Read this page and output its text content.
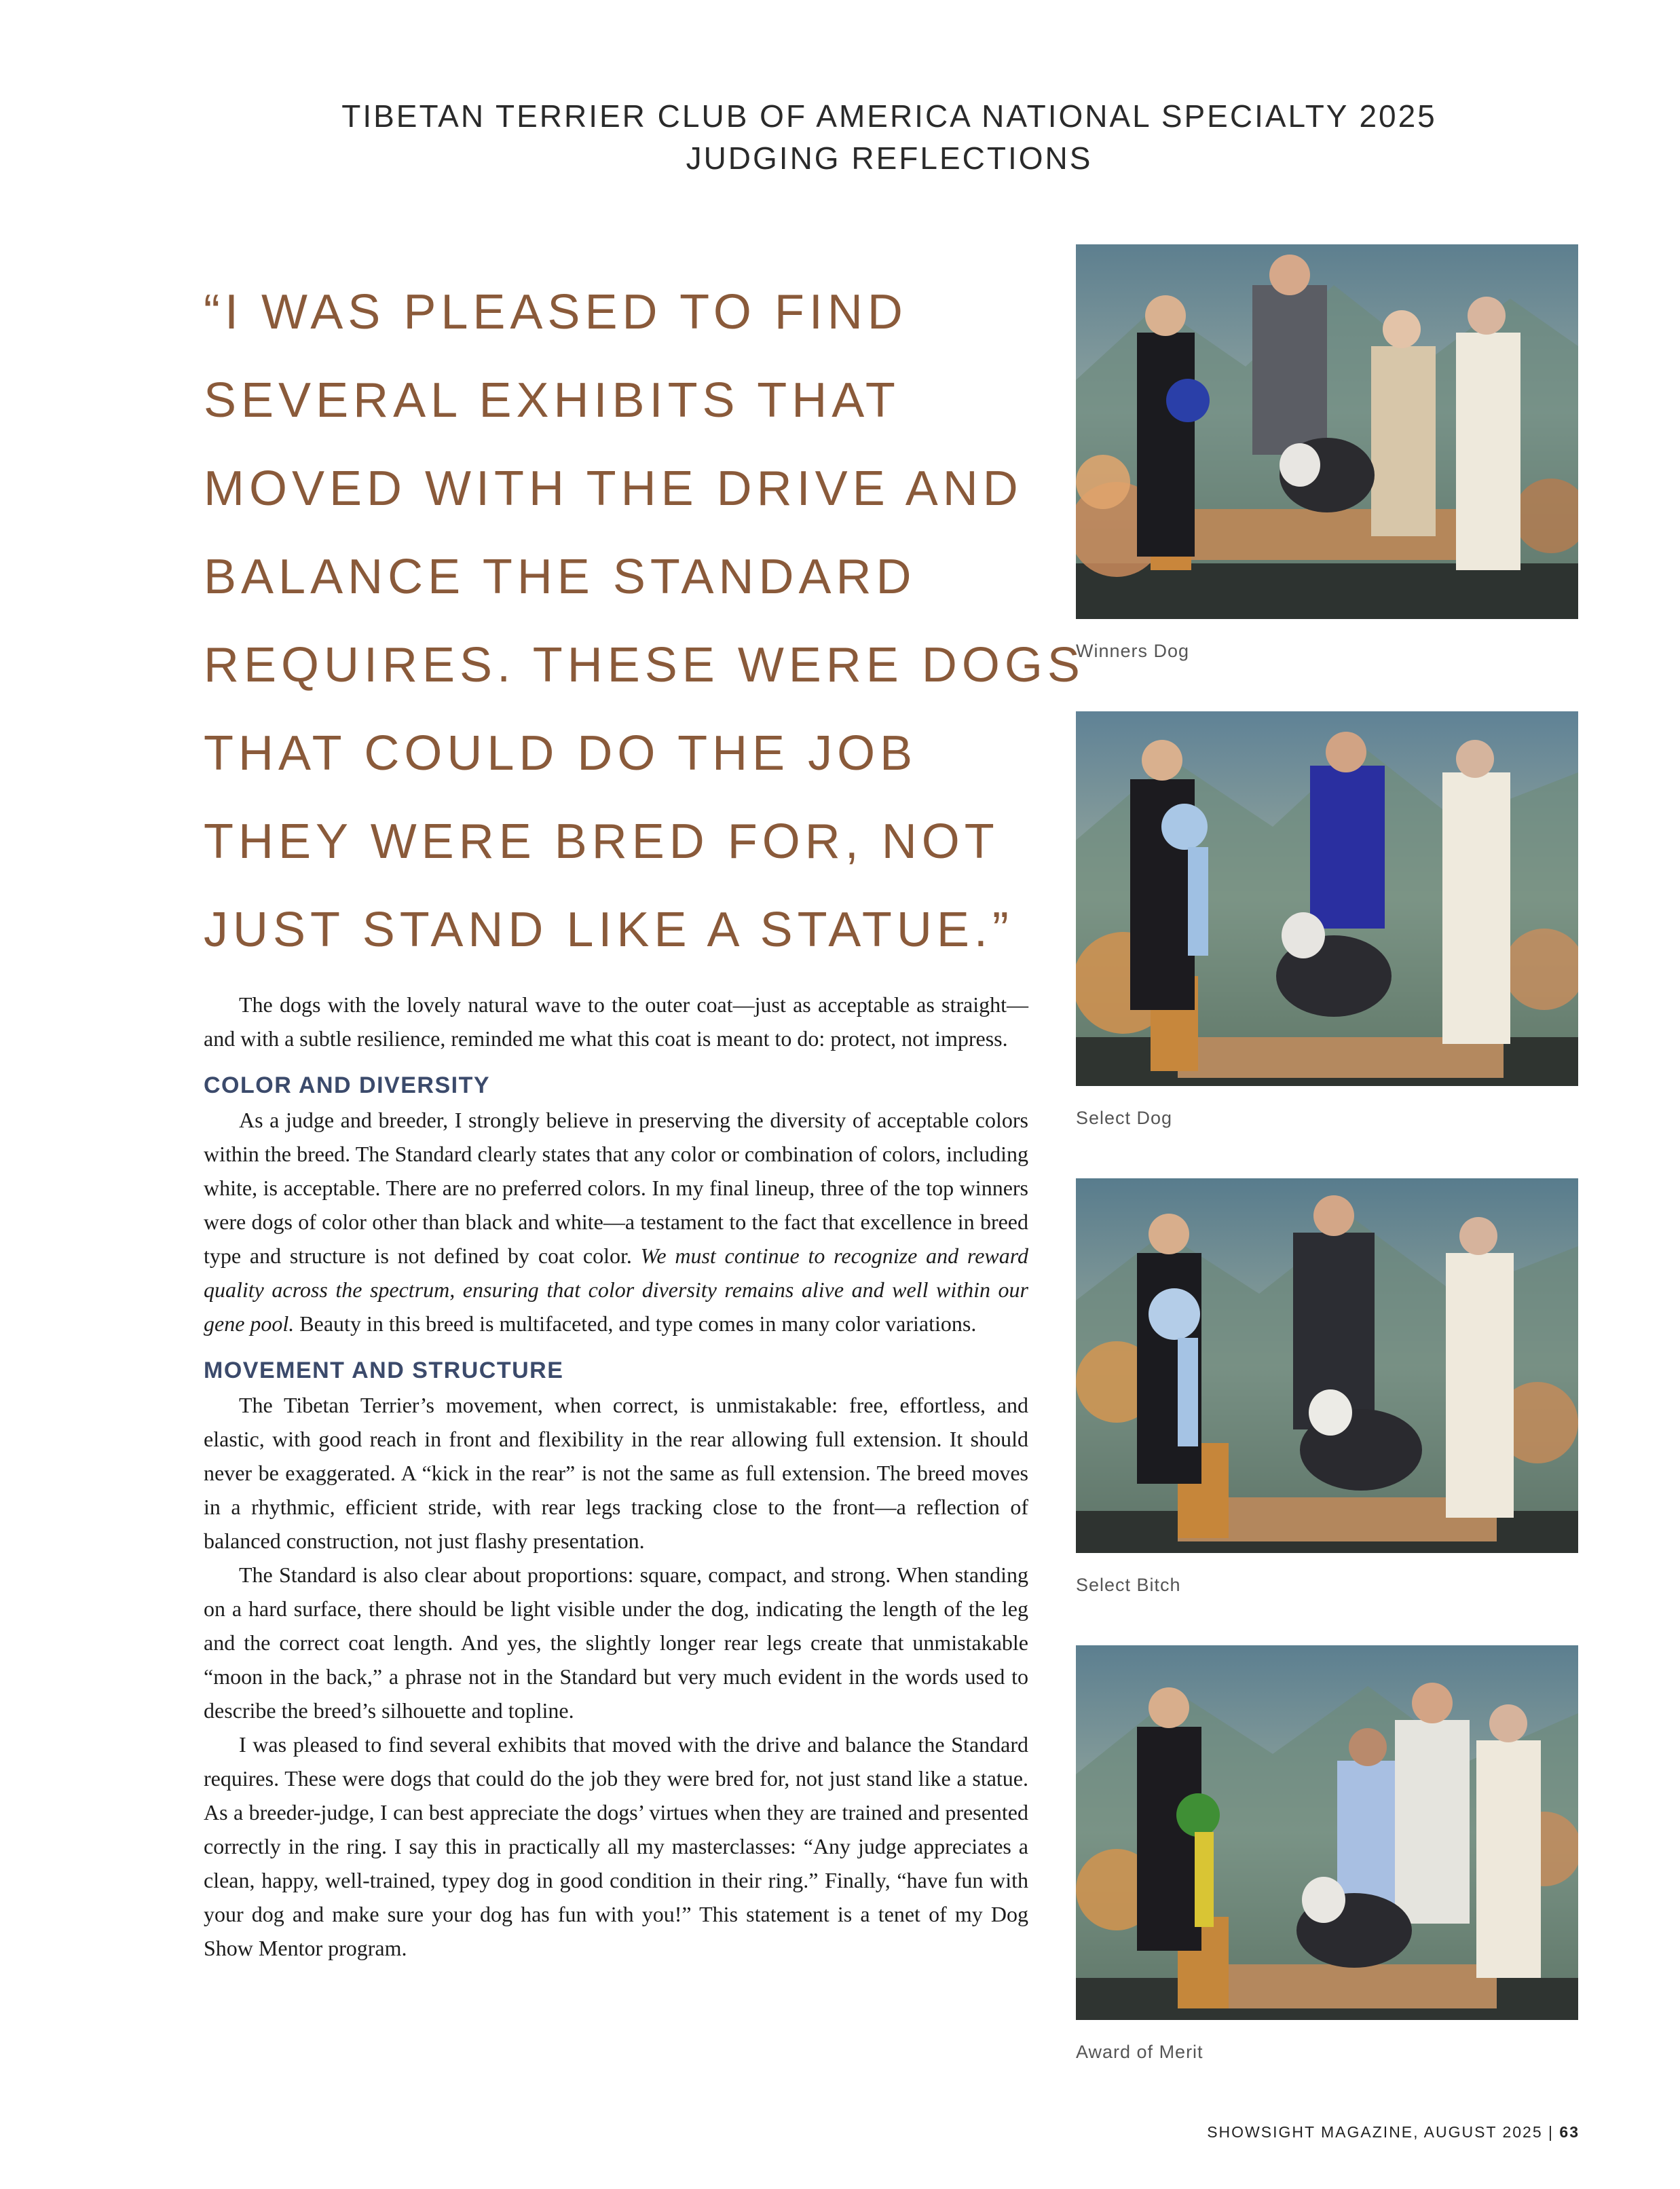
TIBETAN TERRIER CLUB OF AMERICA NATIONAL SPECIALTY 2025
JUDGING REFLECTIONS
“I WAS PLEASED TO FIND
SEVERAL EXHIBITS THAT
MOVED WITH THE DRIVE AND
BALANCE THE STANDARD
REQUIRES. THESE WERE DOGS
THAT COULD DO THE JOB
THEY WERE BRED FOR, NOT
JUST STAND LIKE A STATUE.”

The dogs with the lovely natural wave to the outer coat—just as acceptable as straight—and with a subtle resilience, reminded me what this coat is meant to do: protect, not impress.

COLOR AND DIVERSITY

As a judge and breeder, I strongly believe in preserving the diversity of acceptable colors within the breed. The Standard clearly states that any color or combination of colors, including white, is acceptable. There are no preferred colors. In my final lineup, three of the top winners were dogs of color other than black and white—a testament to the fact that excellence in breed type and structure is not defined by coat color. We must continue to recognize and reward quality across the spectrum, ensuring that color diversity remains alive and well within our gene pool. Beauty in this breed is multifaceted, and type comes in many color variations.

MOVEMENT AND STRUCTURE

The Tibetan Terrier’s movement, when correct, is unmistakable: free, effortless, and elastic, with good reach in front and flexibility in the rear allowing full extension. It should never be exaggerated. A “kick in the rear” is not the same as full extension. The breed moves in a rhythmic, efficient stride, with rear legs tracking close to the front—a reflection of balanced construction, not just flashy presentation.

The Standard is also clear about proportions: square, compact, and strong. When standing on a hard surface, there should be light visible under the dog, indicating the length of the leg and the correct coat length. And yes, the slightly longer rear legs create that unmistakable “moon in the back,” a phrase not in the Standard but very much evident in the words used to describe the breed’s silhouette and topline.

I was pleased to find several exhibits that moved with the drive and balance the Standard requires. These were dogs that could do the job they were bred for, not just stand like a statue. As a breeder-judge, I can best appreciate the dogs’ virtues when they are trained and presented correctly in the ring. I say this in practically all my masterclasses: “Any judge appreciates a clean, happy, well-trained, typey dog in good condition in their ring.” Finally, “have fun with your dog and make sure your dog has fun with you!” This statement is a tenet of my Dog Show Mentor program.

Winners Dog
Select Dog
Select Bitch
Award of Merit
SHOWSIGHT MAGAZINE, AUGUST 2025 | 63
